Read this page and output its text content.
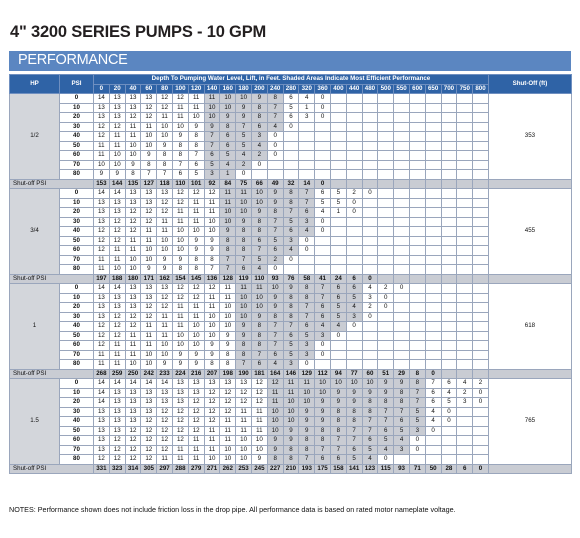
4" 3200 SERIES PUMPS - 10 GPM
PERFORMANCE
HP	PSI	Depth To Pumping Water Level, Lift, in Feet. Shaded Areas Indicate Most Efficient Performance																									Shut-Off (ft)
		0	20	40	60	80	100	120	140	160	180	200	240	280	320	360	400	440	480	500	550	600	650	700	750	800	
1/2	0	14	13	13	13	12	12	11	11	10	10	9	8	6	4	0											353
	10	13	13	13	12	12	11	11	10	10	9	8	7	5	1	0											
	20	13	13	12	12	11	11	10	10	9	9	8	7	6	3	0											
	30	12	12	11	11	10	10	9	9	8	7	6	4	0													
	40	12	11	11	10	10	9	8	7	6	5	3	0														
	50	11	11	10	10	9	8	8	7	6	5	4	0														
	60	11	10	10	9	8	8	7	6	5	4	2	0														
	70	10	10	9	8	8	7	6	5	4	2	0															
	80	9	9	8	7	7	6	5	3	1	0																
Shut-off PSI		153	144	135	127	118	110	101	92	84	75	66	49	32	14	0											
3/4	0	14	14	13	13	13	12	12	12	11	11	10	9	8	7	6	5	2	0								455
	10	13	13	13	13	12	12	11	11	11	10	10	9	8	7	5	5	0									
	20	13	13	12	12	12	11	11	11	10	10	9	8	7	6	4	1	0									
	30	13	12	12	12	11	11	11	10	10	9	8	7	5	3	0											
	40	12	12	12	11	11	10	10	10	9	8	8	7	6	4	0											
	50	12	12	11	11	10	10	9	9	8	8	6	5	3	0												
	60	12	11	11	10	10	10	9	9	8	8	7	6	4	0												
	70	11	11	10	10	9	9	8	8	7	7	5	2	0													
	80	11	10	10	9	9	8	8	7	7	6	4	0														
Shut-off PSI		197	188	180	171	162	154	145	136	128	119	110	93	76	58	41	24	6	0								
1	0	14	14	13	13	13	12	12	12	11	11	11	10	9	8	7	6	6	4	2	0						618
	10	13	13	13	13	12	12	12	11	11	10	10	9	8	8	7	6	5	3	0							
	20	13	13	13	12	12	11	11	11	10	10	10	9	8	7	6	5	4	2	0							
	30	13	12	12	12	11	11	11	10	10	10	9	8	8	7	6	5	3	0								
	40	12	12	12	11	11	11	10	10	10	9	8	7	7	6	4	4	0									
	50	12	12	11	11	11	10	10	10	9	9	8	7	6	5	3	0										
	60	12	11	11	11	10	10	10	9	9	8	8	7	5	3	0											
	70	11	11	11	10	10	9	9	9	8	8	7	6	5	3	0											
	80	11	11	10	10	9	9	9	8	8	7	6	4	3	0												
Shut-off PSI		268	259	250	242	233	224	216	207	198	190	181	164	146	129	112	94	77	60	51	29	8	0				
1.5	0	14	14	14	14	14	13	13	13	13	13	12	12	11	11	10	10	10	10	9	9	8	7	6	4	2	765
	10	14	13	13	13	13	13	13	12	12	12	12	11	11	10	10	9	9	9	9	8	7	6	4	2	0	
	20	14	13	13	13	13	13	12	12	12	12	12	11	10	10	9	9	9	8	8	8	7	6	5	3	0	
	30	13	13	13	13	12	12	12	12	12	11	11	10	10	9	9	8	8	8	7	7	5	4	0			
	40	13	13	13	12	12	12	12	12	11	11	11	10	10	9	9	8	8	7	7	6	5	4	0			
	50	13	13	12	12	12	12	12	11	11	11	11	10	9	9	8	8	7	7	6	5	3	0				
	60	13	12	12	12	12	12	11	11	11	10	10	9	9	8	8	7	7	6	5	4	0					
	70	13	12	12	12	12	11	11	11	10	10	10	9	8	8	7	7	6	5	4	3	0					
	80	12	12	12	12	11	11	11	10	10	10	9	8	8	7	6	6	5	4	0							
Shut-off PSI		331	323	314	305	297	288	279	271	262	253	245	227	210	193	175	158	141	123	115	93	71	50	28	6	0	
NOTES: Performance shown does not include friction loss in the drop pipe. All performance data is based on rated motor nameplate voltage.
